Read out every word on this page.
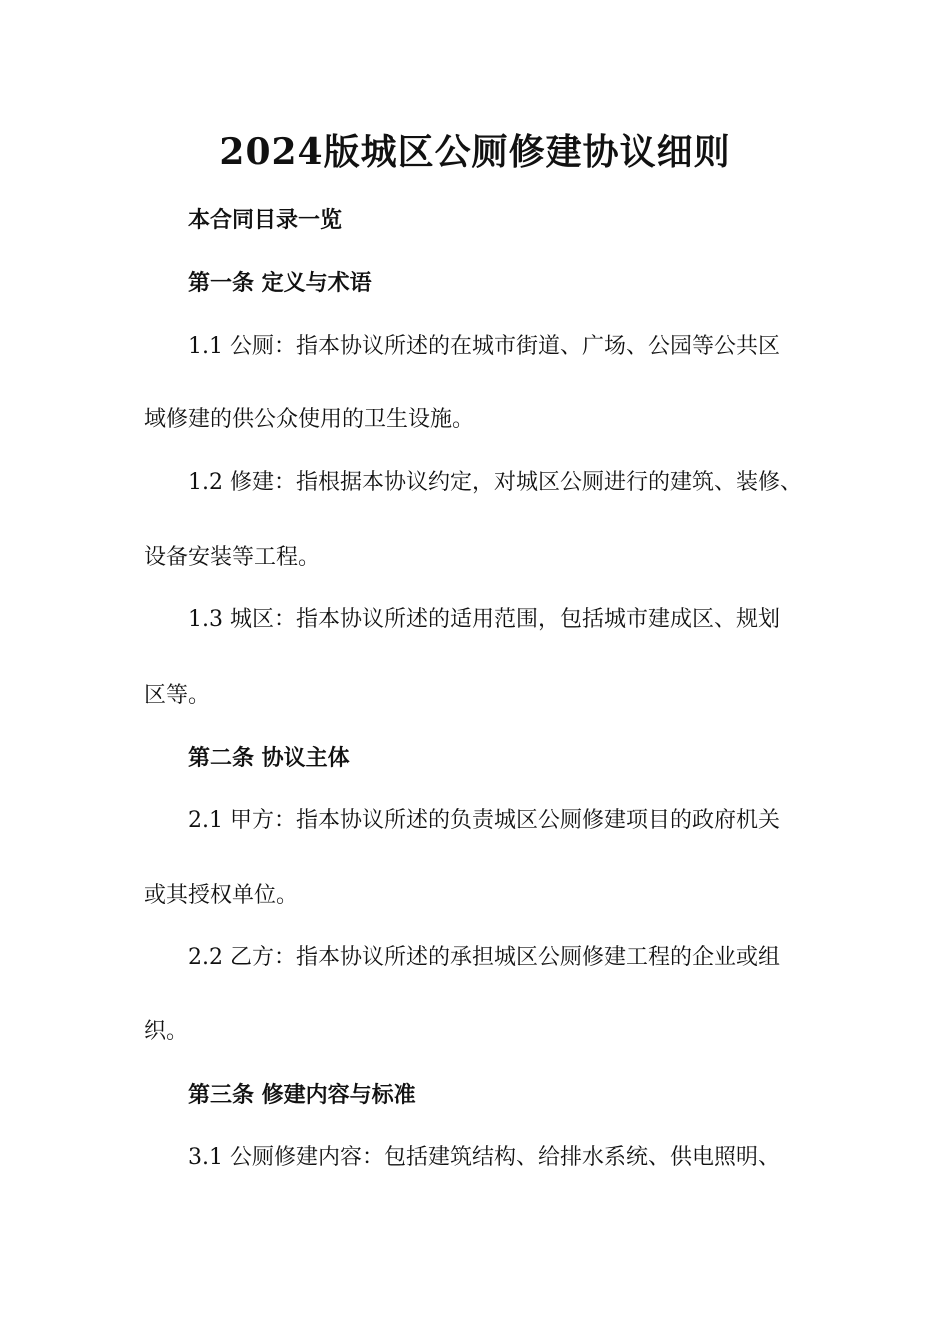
2024版城区公厕修建协议细则
本合同目录一览
第一条 定义与术语
1.1 公厕：指本协议所述的在城市街道、广场、公园等公共区
域修建的供公众使用的卫生设施。
1.2 修建：指根据本协议约定，对城区公厕进行的建筑、装修、
设备安装等工程。
1.3 城区：指本协议所述的适用范围，包括城市建成区、规划
区等。
第二条 协议主体
2.1 甲方：指本协议所述的负责城区公厕修建项目的政府机关
或其授权单位。
2.2 乙方：指本协议所述的承担城区公厕修建工程的企业或组
织。
第三条 修建内容与标准
3.1 公厕修建内容：包括建筑结构、给排水系统、供电照明、
